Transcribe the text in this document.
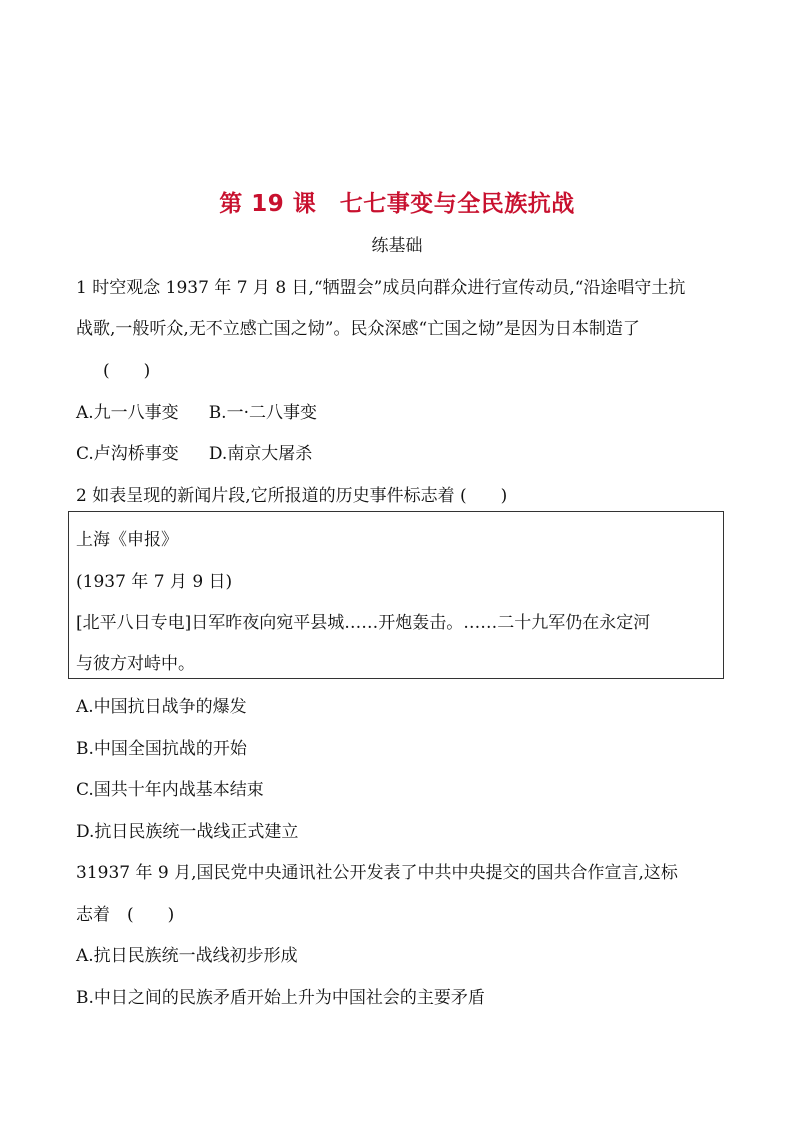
第 19 课　七七事变与全民族抗战
练基础
1 时空观念 1937 年 7 月 8 日,“牺盟会”成员向群众进行宣传动员,“沿途唱守土抗
战歌,一般听众,无不立感亡国之恸”。民众深感“亡国之恸”是因为日本制造了
(　　)
A.九一八事变 B.一·二八事变
C.卢沟桥事变 D.南京大屠杀
2 如表呈现的新闻片段,它所报道的历史事件标志着 (　　)
上海《申报》
(1937 年 7 月 9 日)
[北平八日专电]日军昨夜向宛平县城……开炮轰击。……二十九军仍在永定河
与彼方对峙中。
A.中国抗日战争的爆发
B.中国全国抗战的开始
C.国共十年内战基本结束
D.抗日民族统一战线正式建立
31937 年 9 月,国民党中央通讯社公开发表了中共中央提交的国共合作宣言,这标
志着　(　　)
A.抗日民族统一战线初步形成
B.中日之间的民族矛盾开始上升为中国社会的主要矛盾
